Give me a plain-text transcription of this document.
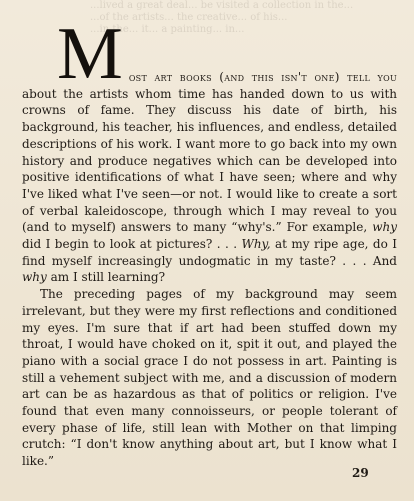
...lived a great deal... be visited a collection in the...
...of the artists... the creative... of his...
...in the... it... a painting... in...

Most art books (and this isn't one) tell you about the artists whom time has handed down to us with crowns of fame. They discuss his date of birth, his background, his teacher, his influences, and endless, detailed descriptions of his work. I want more to go back into my own history and produce negatives which can be developed into positive identifications of what I have seen; where and why I've liked what I've seen—or not. I would like to create a sort of verbal kaleidoscope, through which I may reveal to you (and to myself) answers to many “why's.” For example, why did I begin to look at pictures? . . . Why, at my ripe age, do I find myself increasingly undogmatic in my taste? . . . And why am I still learning?

The preceding pages of my background may seem irrelevant, but they were my first reflections and conditioned my eyes. I'm sure that if art had been stuffed down my throat, I would have choked on it, spit it out, and played the piano with a social grace I do not possess in art. Painting is still a vehement subject with me, and a discussion of modern art can be as hazardous as that of politics or religion. I've found that even many connoisseurs, or people tolerant of every phase of life, still lean with Mother on that limping crutch: “I don't know anything about art, but I know what I like.”

29
